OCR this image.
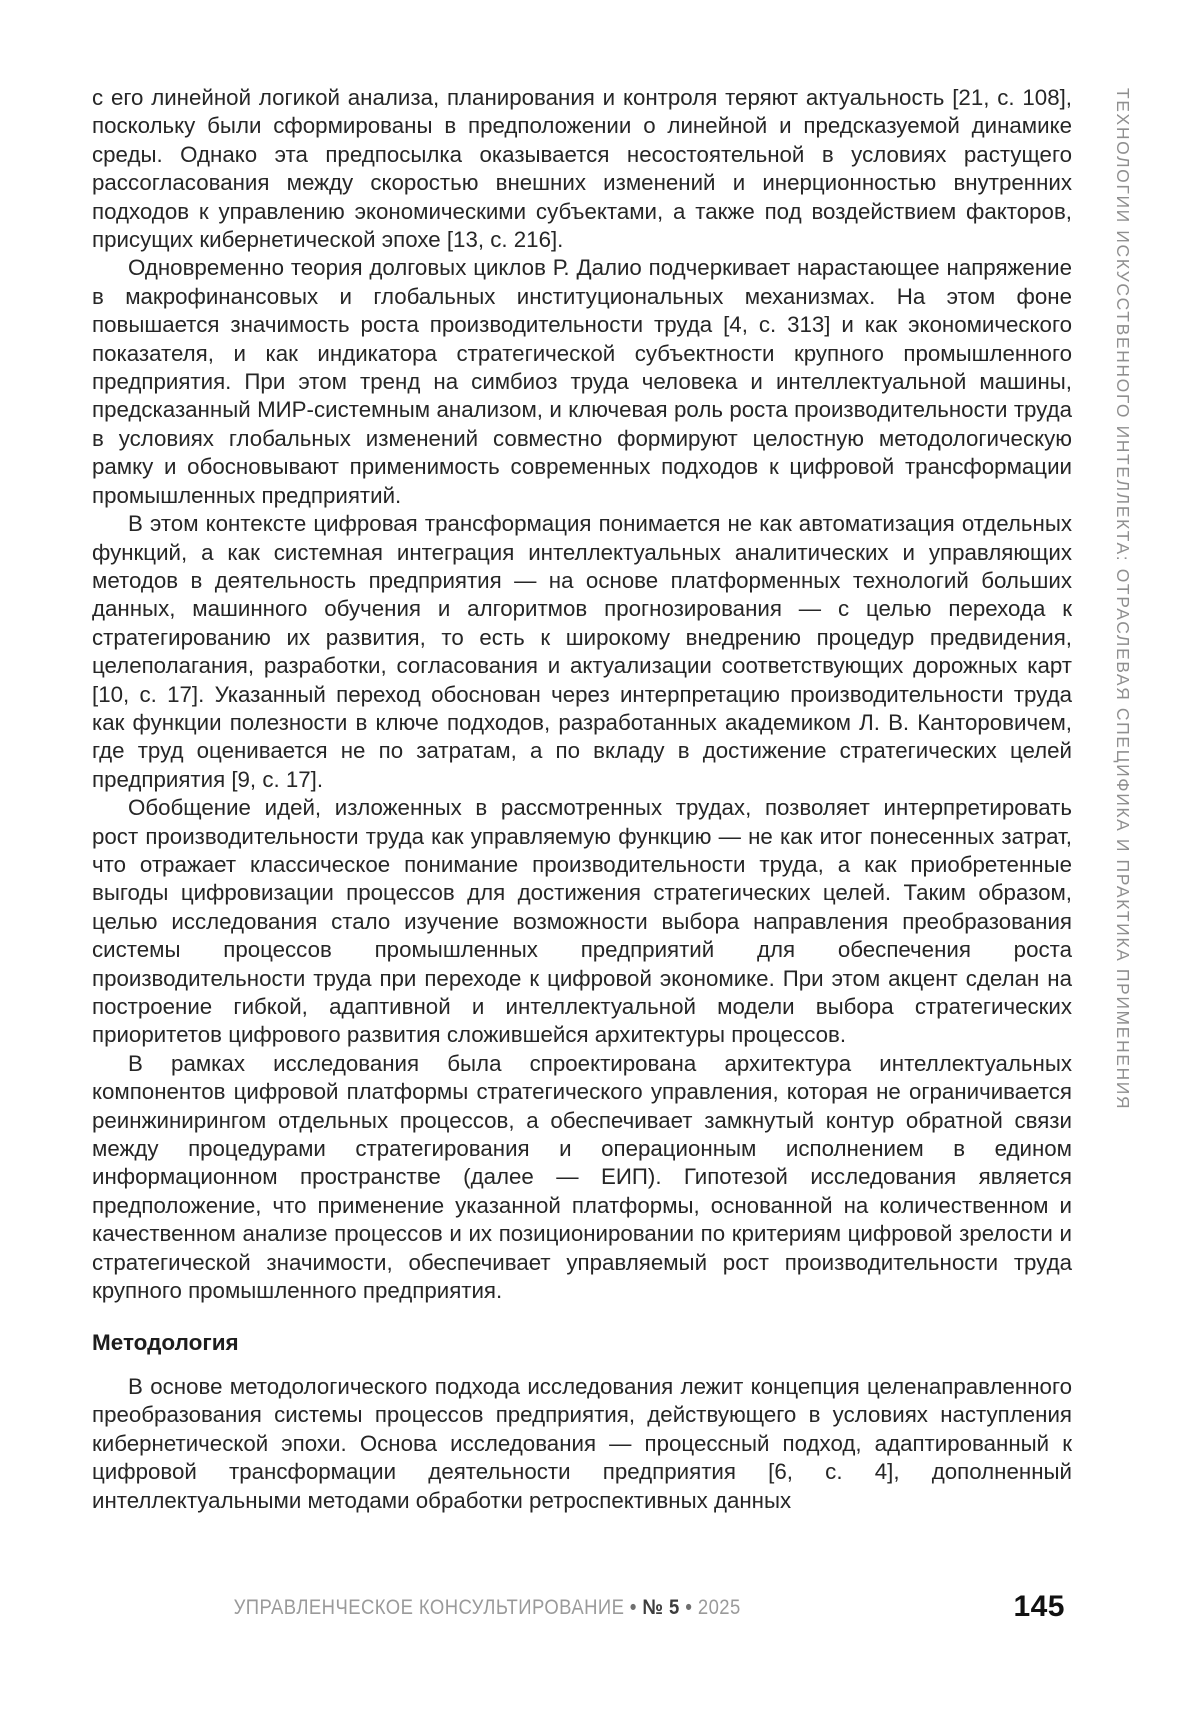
с его линейной логикой анализа, планирования и контроля теряют актуальность [21, с. 108], поскольку были сформированы в предположении о линейной и предсказуемой динамике среды. Однако эта предпосылка оказывается несостоятельной в условиях растущего рассогласования между скоростью внешних изменений и инерционностью внутренних подходов к управлению экономическими субъектами, а также под воздействием факторов, присущих кибернетической эпохе [13, с. 216].

Одновременно теория долговых циклов Р. Далио подчеркивает нарастающее напряжение в макрофинансовых и глобальных институциональных механизмах. На этом фоне повышается значимость роста производительности труда [4, с. 313] и как экономического показателя, и как индикатора стратегической субъектности крупного промышленного предприятия. При этом тренд на симбиоз труда человека и интеллектуальной машины, предсказанный МИР-системным анализом, и ключевая роль роста производительности труда в условиях глобальных изменений совместно формируют целостную методологическую рамку и обосновывают применимость современных подходов к цифровой трансформации промышленных предприятий.

В этом контексте цифровая трансформация понимается не как автоматизация отдельных функций, а как системная интеграция интеллектуальных аналитических и управляющих методов в деятельность предприятия — на основе платформенных технологий больших данных, машинного обучения и алгоритмов прогнозирования — с целью перехода к стратегированию их развития, то есть к широкому внедрению процедур предвидения, целеполагания, разработки, согласования и актуализации соответствующих дорожных карт [10, с. 17]. Указанный переход обоснован через интерпретацию производительности труда как функции полезности в ключе подходов, разработанных академиком Л. В. Канторовичем, где труд оценивается не по затратам, а по вкладу в достижение стратегических целей предприятия [9, с. 17].

Обобщение идей, изложенных в рассмотренных трудах, позволяет интерпретировать рост производительности труда как управляемую функцию — не как итог понесенных затрат, что отражает классическое понимание производительности труда, а как приобретенные выгоды цифровизации процессов для достижения стратегических целей. Таким образом, целью исследования стало изучение возможности выбора направления преобразования системы процессов промышленных предприятий для обеспечения роста производительности труда при переходе к цифровой экономике. При этом акцент сделан на построение гибкой, адаптивной и интеллектуальной модели выбора стратегических приоритетов цифрового развития сложившейся архитектуры процессов.

В рамках исследования была спроектирована архитектура интеллектуальных компонентов цифровой платформы стратегического управления, которая не ограничивается реинжинирингом отдельных процессов, а обеспечивает замкнутый контур обратной связи между процедурами стратегирования и операционным исполнением в едином информационном пространстве (далее — ЕИП). Гипотезой исследования является предположение, что применение указанной платформы, основанной на количественном и качественном анализе процессов и их позиционировании по критериям цифровой зрелости и стратегической значимости, обеспечивает управляемый рост производительности труда крупного промышленного предприятия.

Методология

В основе методологического подхода исследования лежит концепция целенаправленного преобразования системы процессов предприятия, действующего в условиях наступления кибернетической эпохи. Основа исследования — процессный подход, адаптированный к цифровой трансформации деятельности предприятия [6, с. 4], дополненный интеллектуальными методами обработки ретроспективных данных

ТЕХНОЛОГИИ ИСКУССТВЕННОГО ИНТЕЛЛЕКТА: ОТРАСЛЕВАЯ СПЕЦИФИКА И ПРАКТИКА ПРИМЕНЕНИЯ
УПРАВЛЕНЧЕСКОЕ КОНСУЛЬТИРОВАНИЕ • № 5 • 2025	145
